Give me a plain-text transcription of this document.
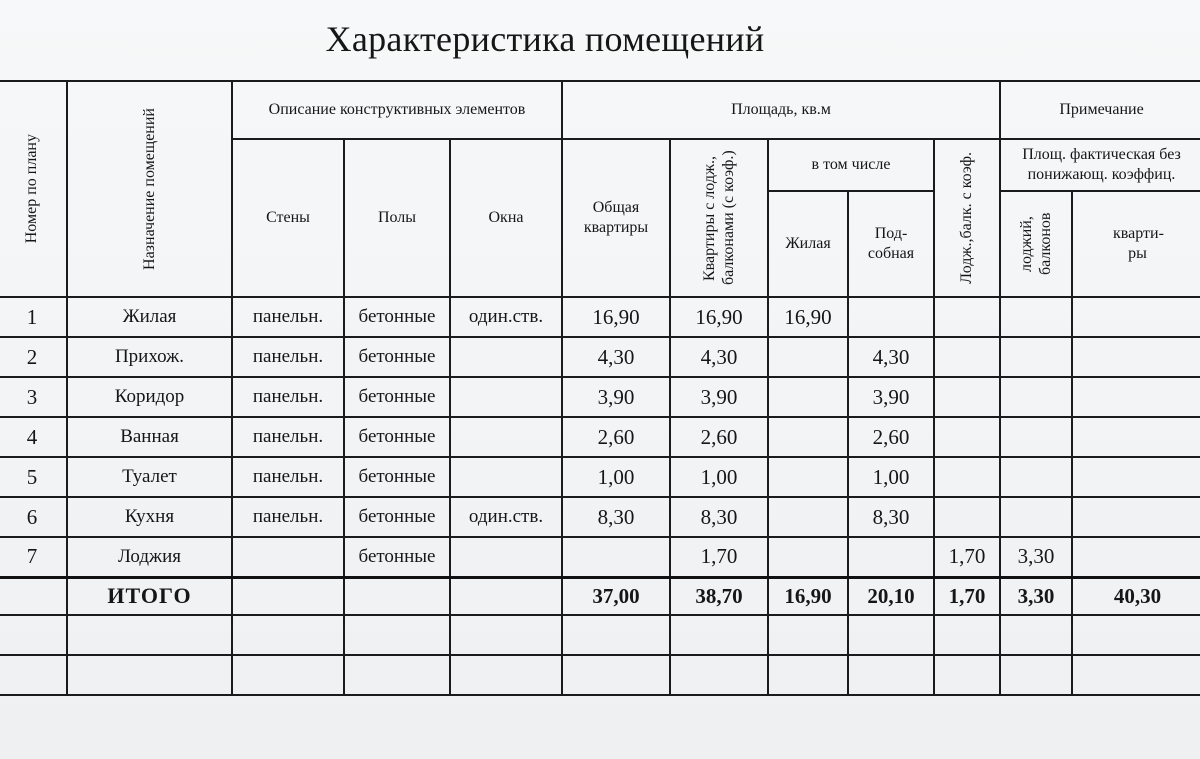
Характеристика помещений
Номер по плану	Назначение помещений	Описание конструктивных элементов			Площадь, кв.м					Примечание	
		Стены	Полы	Окна	Общая квартиры	Квартиры с лодж., балконами (с коэф.)	в том числе		Лодж.,балк. с коэф.	Площ. фактическая без понижающ. коэффиц.	
							Жилая	Под-собная		лоджий, балконов	кварти-ры
1	Жилая	панельн.	бетонные	один.ств.	16,90	16,90	16,90				
2	Прихож.	панельн.	бетонные		4,30	4,30		4,30			
3	Коридор	панельн.	бетонные		3,90	3,90		3,90			
4	Ванная	панельн.	бетонные		2,60	2,60		2,60			
5	Туалет	панельн.	бетонные		1,00	1,00		1,00			
6	Кухня	панельн.	бетонные	один.ств.	8,30	8,30		8,30			
7	Лоджия		бетонные			1,70			1,70	3,30	
	ИТОГО				37,00	38,70	16,90	20,10	1,70	3,30	40,30
